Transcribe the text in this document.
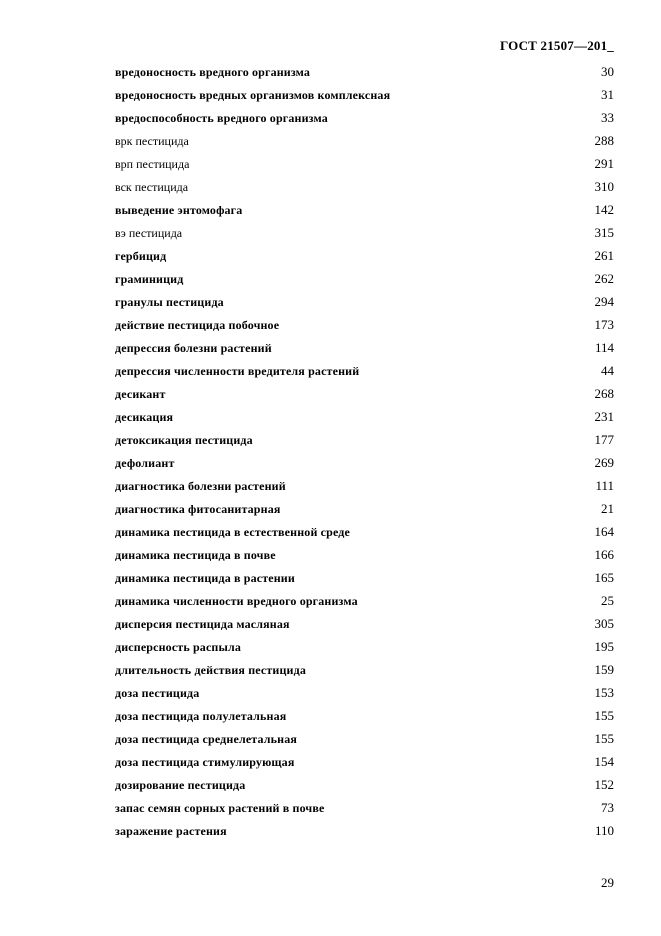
ГОСТ 21507—201_
вредоносность вредного организма	30
вредоносность вредных организмов комплексная	31
вредоспособность вредного организма	33
врк пестицида	288
врп пестицида	291
вск пестицида	310
выведение энтомофага	142
вэ пестицида	315
гербицид	261
граминицид	262
гранулы пестицида	294
действие пестицида побочное	173
депрессия болезни растений	114
депрессия численности вредителя растений	44
десикант	268
десикация	231
детоксикация пестицида	177
дефолиант	269
диагностика болезни растений	111
диагностика фитосанитарная	21
динамика пестицида в естественной среде	164
динамика пестицида в почве	166
динамика пестицида в растении	165
динамика численности вредного организма	25
дисперсия пестицида масляная	305
дисперсность распыла	195
длительность действия пестицида	159
доза пестицида	153
доза пестицида полулетальная	155
доза пестицида среднелетальная	155
доза пестицида стимулирующая	154
дозирование пестицида	152
запас семян сорных растений в почве	73
заражение растения	110
29
